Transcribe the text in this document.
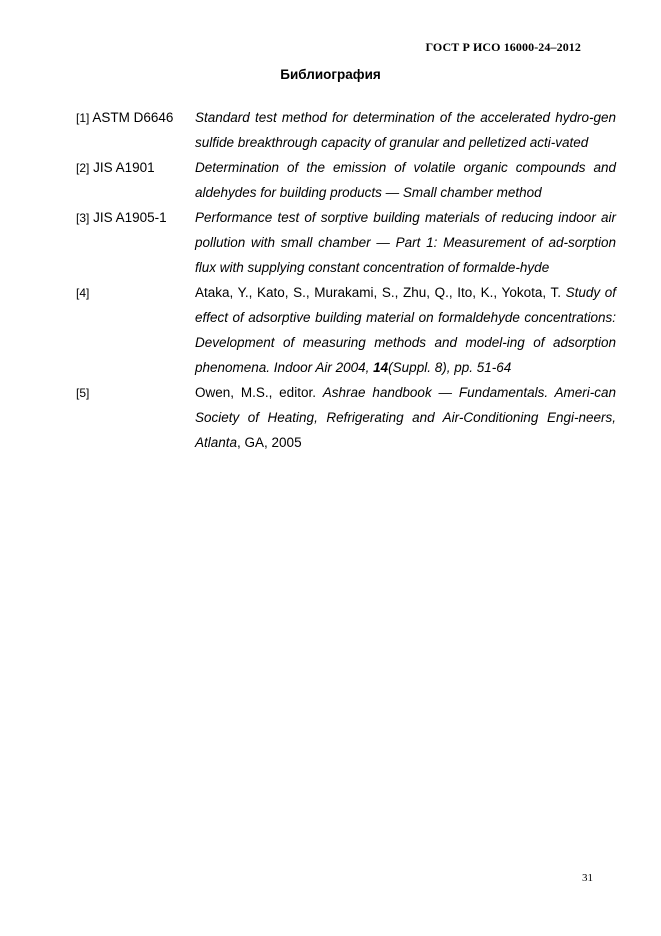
ГОСТ Р ИСО 16000-24–2012
Библиография
[1] ASTM D6646	Standard test method for determination of the accelerated hydro-gen sulfide breakthrough capacity of granular and pelletized acti-vated
[2] JIS A1901	Determination of the emission of volatile organic compounds and aldehydes for building products — Small chamber method
[3] JIS A1905-1	Performance test of sorptive building materials of reducing indoor air pollution with small chamber — Part 1: Measurement of ad-sorption flux with supplying constant concentration of formalde-hyde
[4]	Ataka, Y., Kato, S., Murakami, S., Zhu, Q., Ito, K., Yokota, T. Study of effect of adsorptive building material on formaldehyde concentrations: Development of measuring methods and model-ing of adsorption phenomena. Indoor Air 2004, 14(Suppl. 8), pp. 51-64
[5]	Owen, M.S., editor. Ashrae handbook — Fundamentals. Ameri-can Society of Heating, Refrigerating and Air-Conditioning Engi-neers, Atlanta, GA, 2005
31
